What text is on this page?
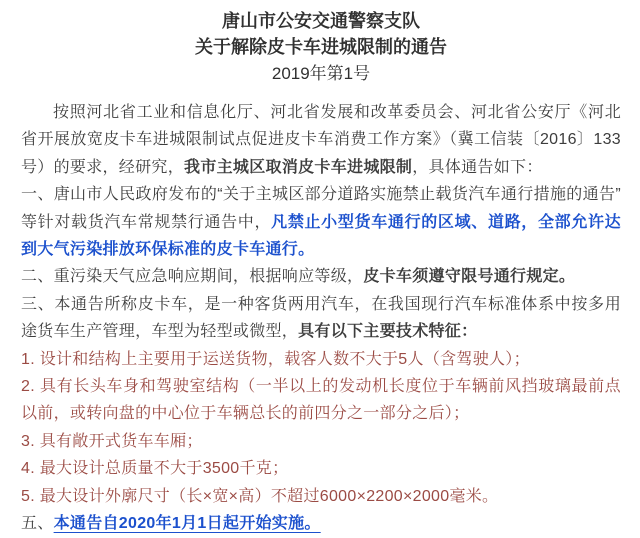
唐山市公安交通警察支队
关于解除皮卡车进城限制的通告
2019年第1号

按照河北省工业和信息化厅、河北省发展和改革委员会、河北省公安厅《河北省开展放宽皮卡车进城限制试点促进皮卡车消费工作方案》（冀工信装〔2016〕133号）的要求，经研究，我市主城区取消皮卡车进城限制，具体通告如下：

一、唐山市人民政府发布的“关于主城区部分道路实施禁止载货汽车通行措施的通告”等针对载货汽车常规禁行通告中，凡禁止小型货车通行的区域、道路，全部允许达到大气污染排放环保标准的皮卡车通行。

二、重污染天气应急响应期间，根据响应等级，皮卡车须遵守限号通行规定。

三、本通告所称皮卡车，是一种客货两用汽车，在我国现行汽车标准体系中按多用途货车生产管理，车型为轻型或微型，具有以下主要技术特征：

1. 设计和结构上主要用于运送货物，载客人数不大于5人（含驾驶人）；

2. 具有长头车身和驾驶室结构（一半以上的发动机长度位于车辆前风挡玻璃最前点以前，或转向盘的中心位于车辆总长的前四分之一部分之后）；

3. 具有敞开式货车车厢；

4. 最大设计总质量不大于3500千克；

5. 最大设计外廓尺寸（长×宽×高）不超过6000×2200×2000毫米。

五、本通告自2020年1月1日起开始实施。
